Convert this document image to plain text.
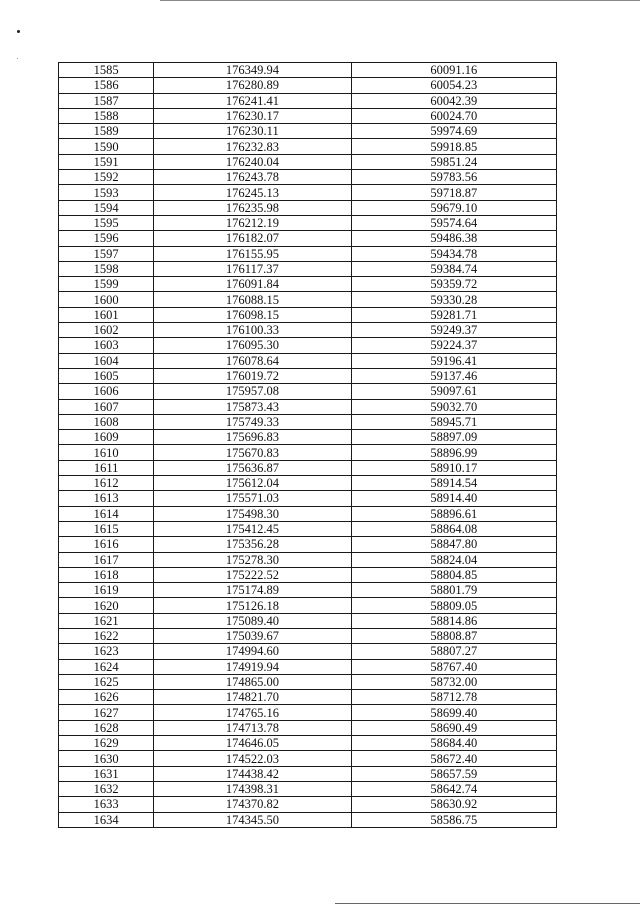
1585	176349.94	60091.16
1586	176280.89	60054.23
1587	176241.41	60042.39
1588	176230.17	60024.70
1589	176230.11	59974.69
1590	176232.83	59918.85
1591	176240.04	59851.24
1592	176243.78	59783.56
1593	176245.13	59718.87
1594	176235.98	59679.10
1595	176212.19	59574.64
1596	176182.07	59486.38
1597	176155.95	59434.78
1598	176117.37	59384.74
1599	176091.84	59359.72
1600	176088.15	59330.28
1601	176098.15	59281.71
1602	176100.33	59249.37
1603	176095.30	59224.37
1604	176078.64	59196.41
1605	176019.72	59137.46
1606	175957.08	59097.61
1607	175873.43	59032.70
1608	175749.33	58945.71
1609	175696.83	58897.09
1610	175670.83	58896.99
1611	175636.87	58910.17
1612	175612.04	58914.54
1613	175571.03	58914.40
1614	175498.30	58896.61
1615	175412.45	58864.08
1616	175356.28	58847.80
1617	175278.30	58824.04
1618	175222.52	58804.85
1619	175174.89	58801.79
1620	175126.18	58809.05
1621	175089.40	58814.86
1622	175039.67	58808.87
1623	174994.60	58807.27
1624	174919.94	58767.40
1625	174865.00	58732.00
1626	174821.70	58712.78
1627	174765.16	58699.40
1628	174713.78	58690.49
1629	174646.05	58684.40
1630	174522.03	58672.40
1631	174438.42	58657.59
1632	174398.31	58642.74
1633	174370.82	58630.92
1634	174345.50	58586.75
